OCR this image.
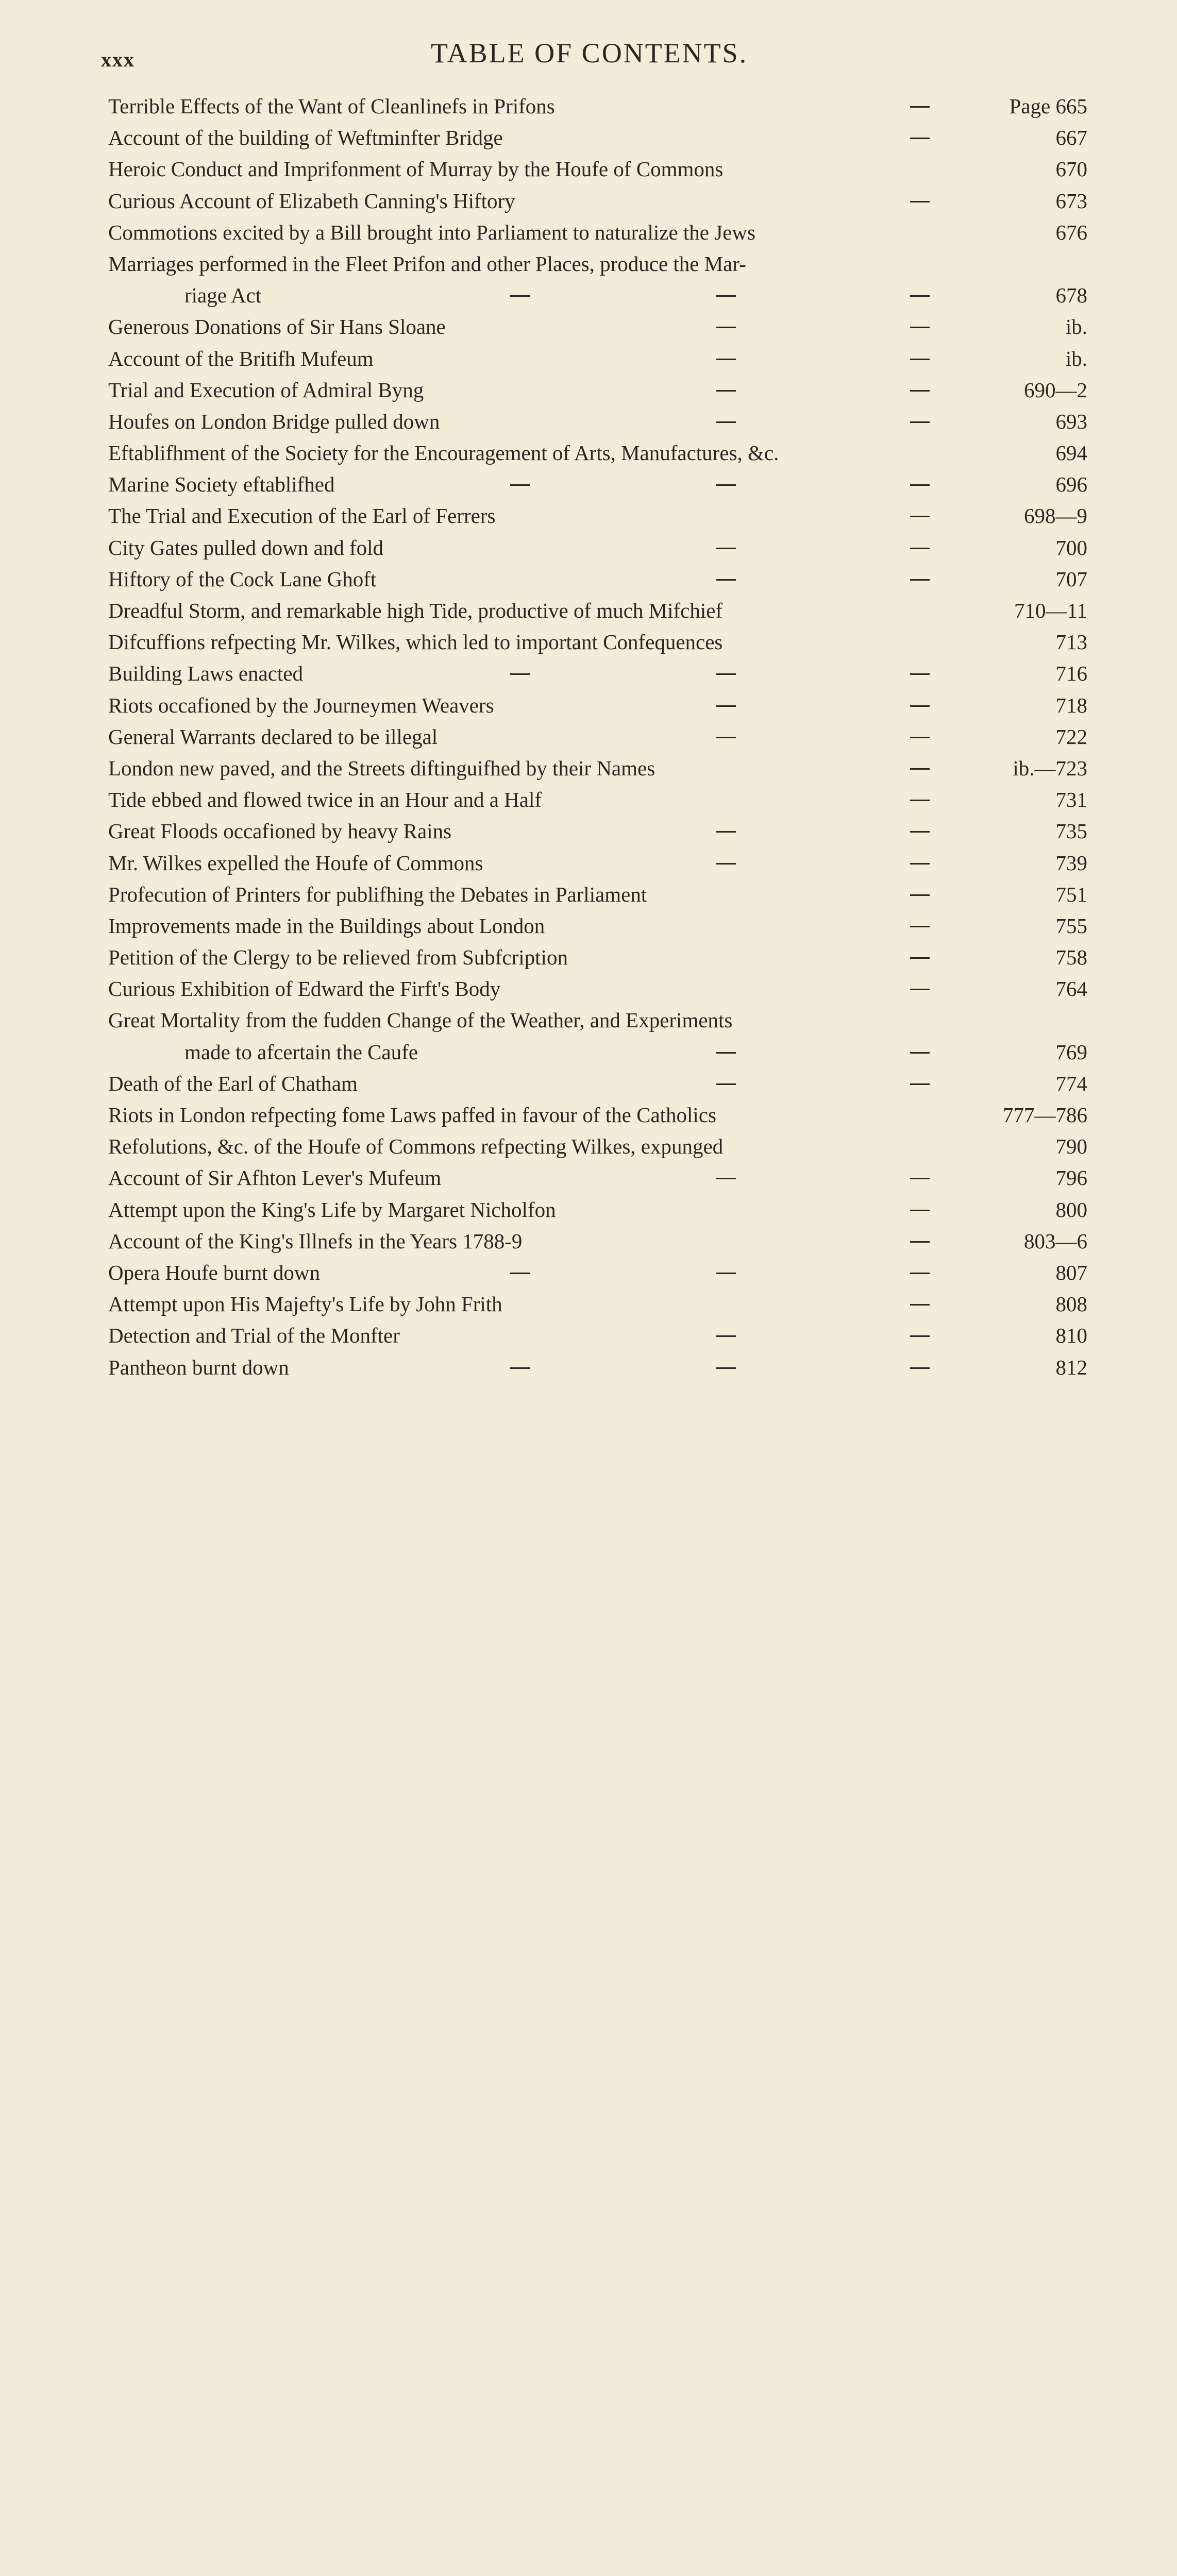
xxx	TABLE OF CONTENTS.
Terrible Effects of the Want of Cleanlinefs in Prifons	Page 665
Account of the building of Weftminfter Bridge	667
Heroic Conduct and Imprifonment of Murray by the Houfe of Commons	670
Curious Account of Elizabeth Canning's Hiftory	673
Commotions excited by a Bill brought into Parliament to naturalize the Jews	676
Marriages performed in the Fleet Prifon and other Places, produce the Mar-
riage Act	678
Generous Donations of Sir Hans Sloane	ib.
Account of the Britifh Mufeum	ib.
Trial and Execution of Admiral Byng	690—2
Houfes on London Bridge pulled down	693
Eftablifhment of the Society for the Encouragement of Arts, Manufactures, &c.	694
Marine Society eftablifhed	696
The Trial and Execution of the Earl of Ferrers	698—9
City Gates pulled down and fold	700
Hiftory of the Cock Lane Ghoft	707
Dreadful Storm, and remarkable high Tide, productive of much Mifchief	710—11
Difcuffions refpecting Mr. Wilkes, which led to important Confequences	713
Building Laws enacted	716
Riots occafioned by the Journeymen Weavers	718
General Warrants declared to be illegal	722
London new paved, and the Streets diftinguifhed by their Names	ib.—723
Tide ebbed and flowed twice in an Hour and a Half	731
Great Floods occafioned by heavy Rains	735
Mr. Wilkes expelled the Houfe of Commons	739
Profecution of Printers for publifhing the Debates in Parliament	751
Improvements made in the Buildings about London	755
Petition of the Clergy to be relieved from Subfcription	758
Curious Exhibition of Edward the Firft's Body	764
Great Mortality from the fudden Change of the Weather, and Experiments
made to afcertain the Caufe	769
Death of the Earl of Chatham	774
Riots in London refpecting fome Laws paffed in favour of the Catholics	777—786
Refolutions, &c. of the Houfe of Commons refpecting Wilkes, expunged	790
Account of Sir Afhton Lever's Mufeum	796
Attempt upon the King's Life by Margaret Nicholfon	800
Account of the King's Illnefs in the Years 1788-9	803—6
Opera Houfe burnt down	807
Attempt upon His Majefty's Life by John Frith	808
Detection and Trial of the Monfter	810
Pantheon burnt down	812
